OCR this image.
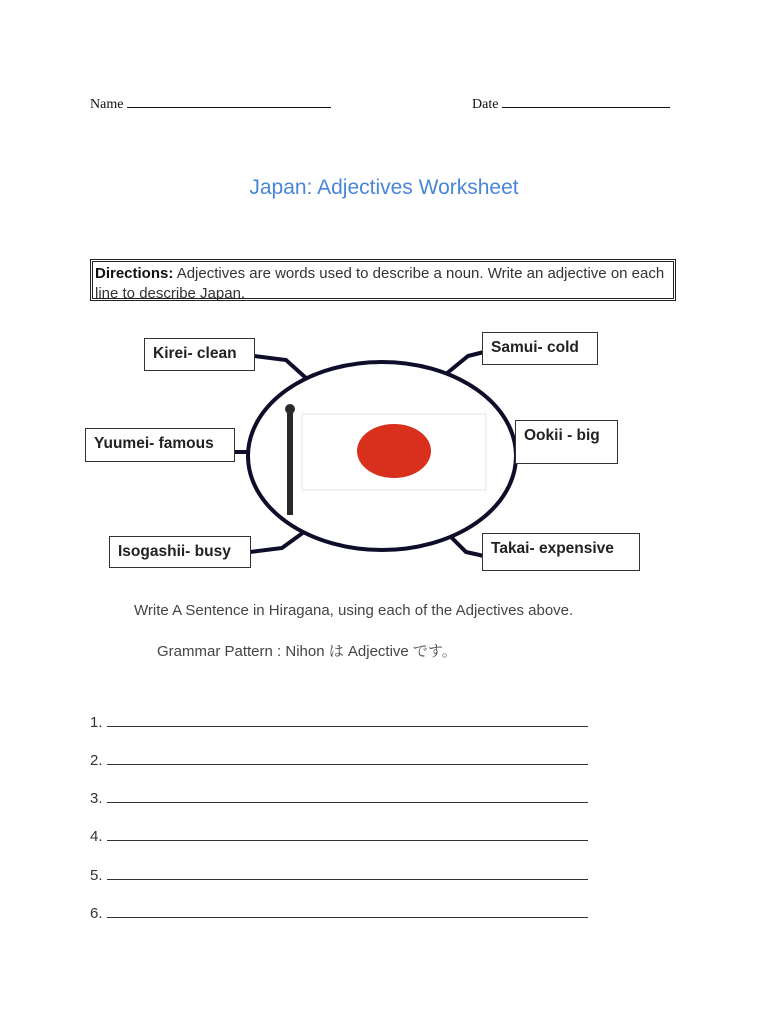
Name	Date
Japan: Adjectives Worksheet
Directions: Adjectives are words used to describe a noun. Write an adjective on each line to describe Japan.
Kirei- clean	Samui- cold
Yuumei- famous	Ookii - big
Isogashii- busy	Takai- expensive
Write A Sentence in Hiragana, using each of the Adjectives above.
Grammar Pattern : Nihon は Adjective です。
1.
2.
3.
4.
5.
6.
